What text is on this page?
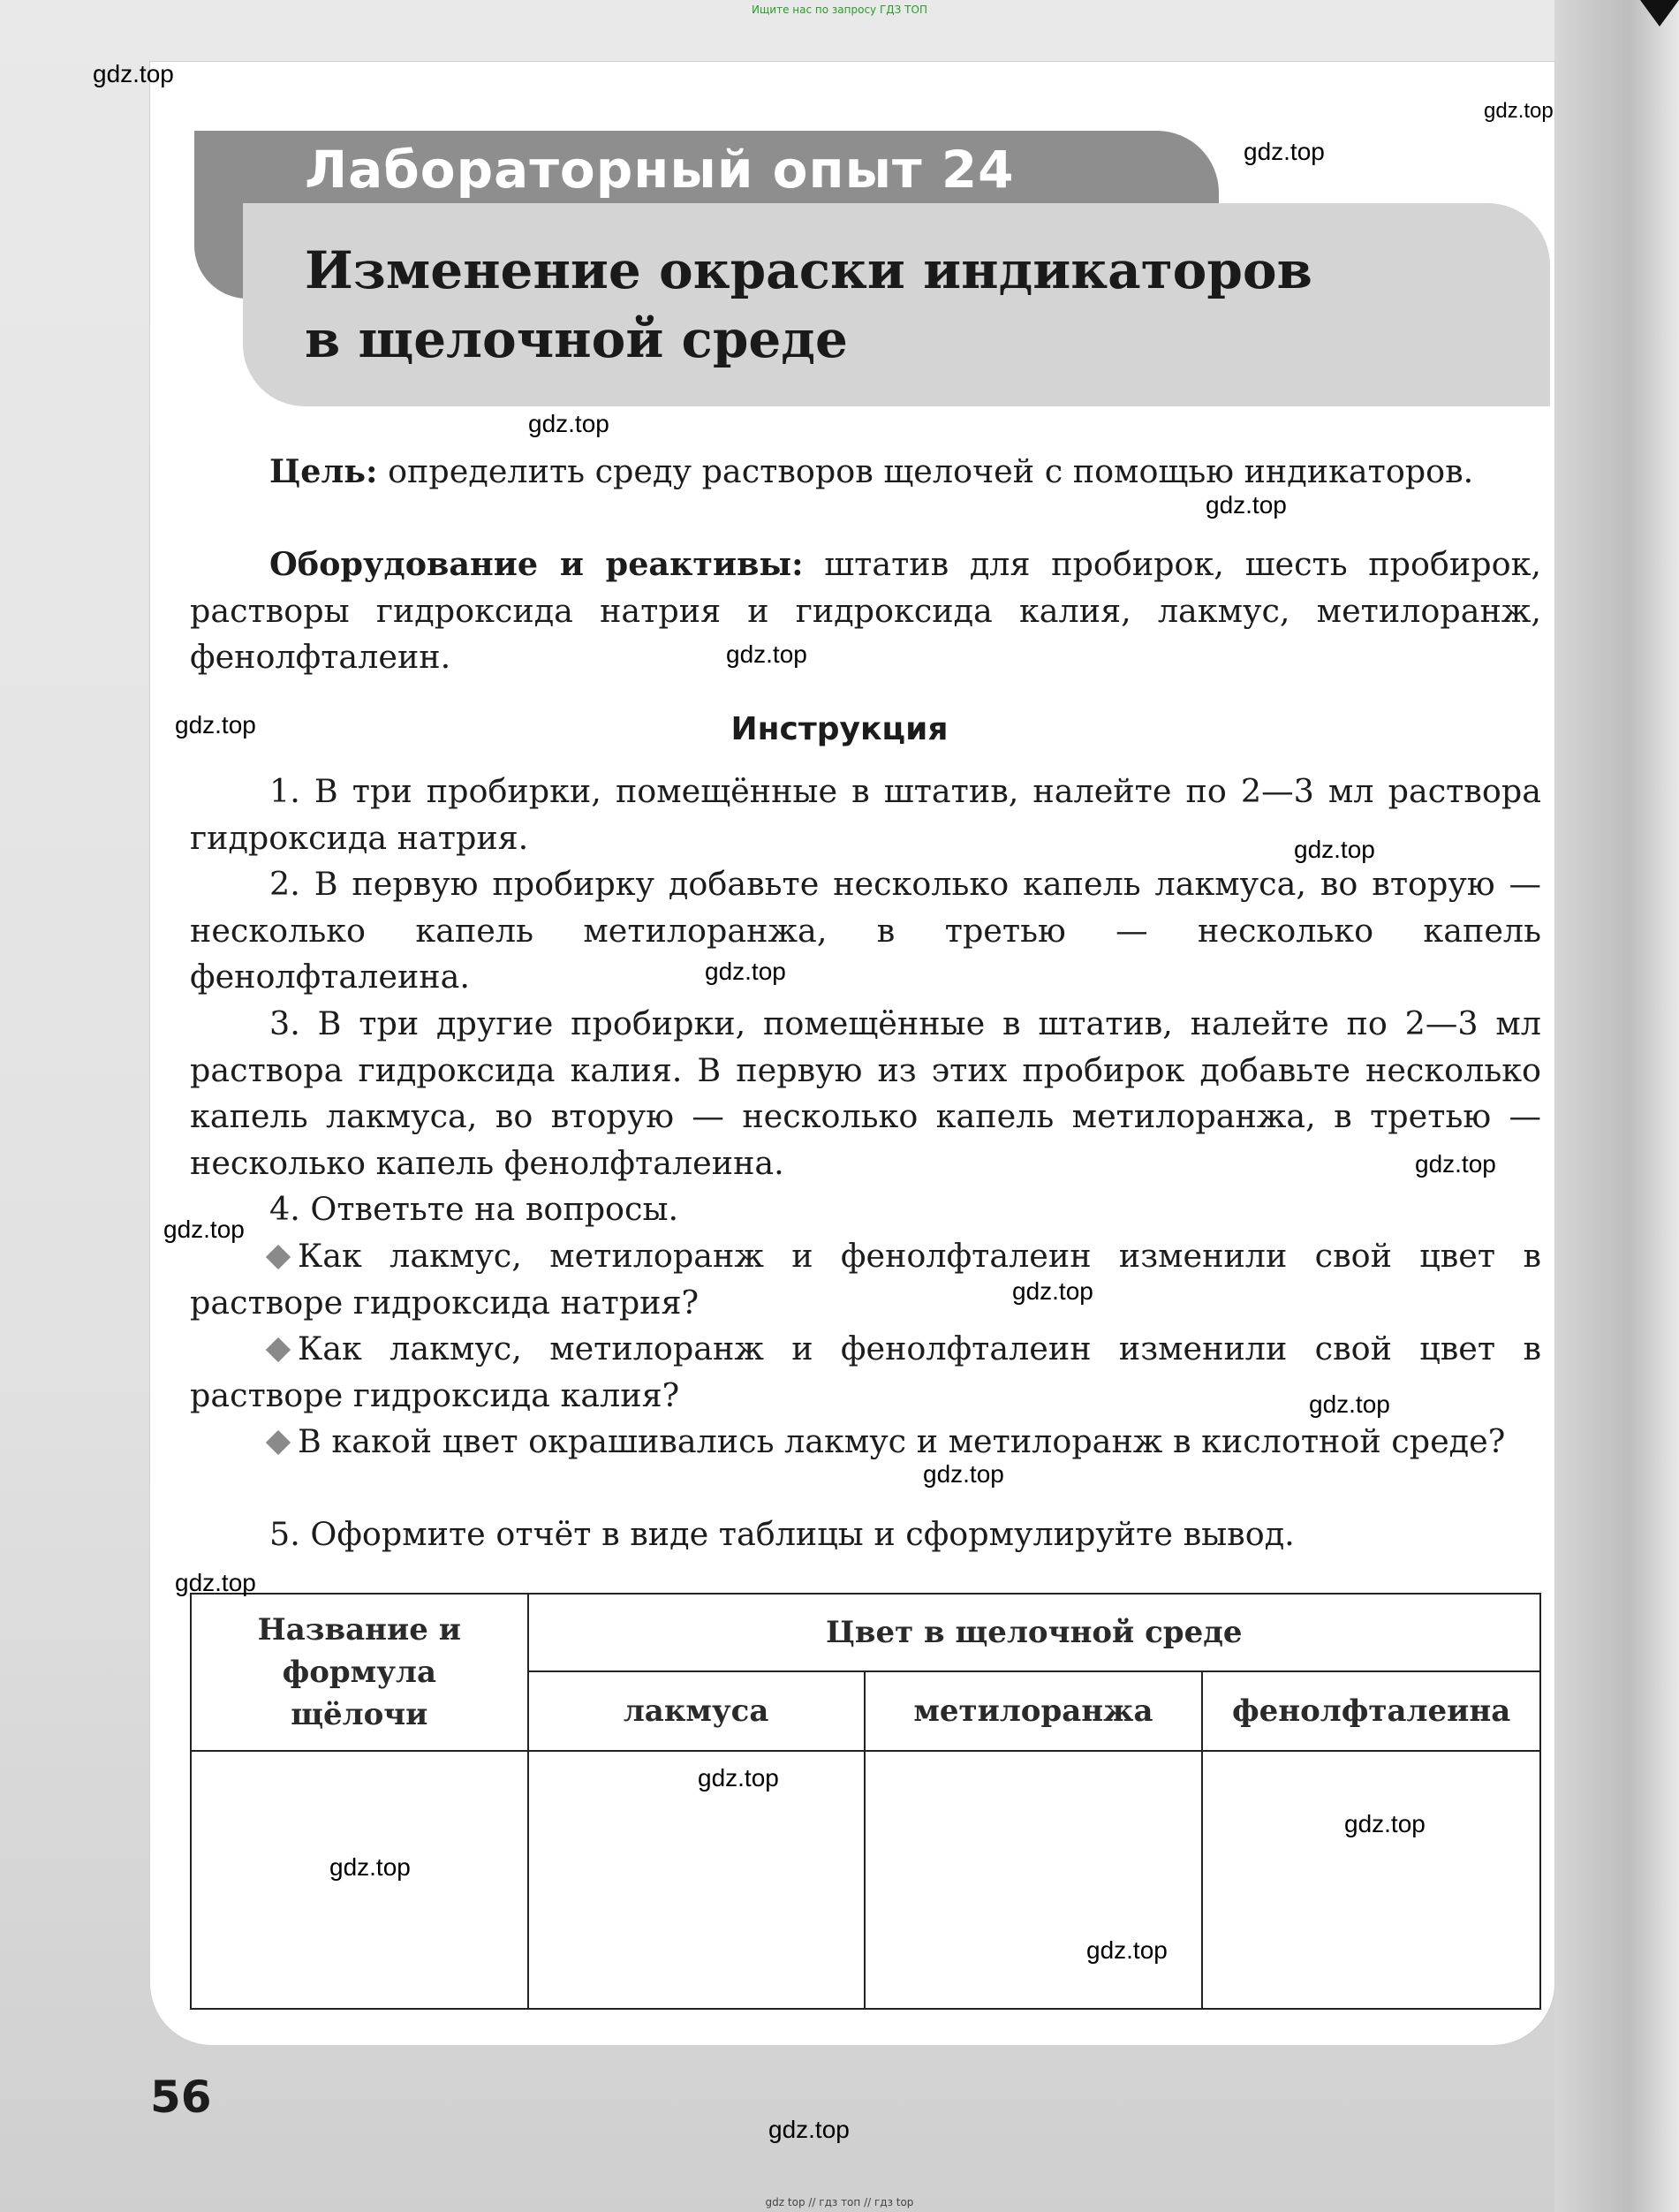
Ищите нас по запросу ГДЗ ТОП
Лабораторный опыт 24
Изменение окраски индикаторов
в щелочной среде
Цель: определить среду растворов щелочей с помощью индикаторов.
Оборудование и реактивы: штатив для пробирок, шесть пробирок, растворы гидроксида натрия и гидроксида калия, лакмус, метилоранж, фенолфталеин.
Инструкция
1. В три пробирки, помещённые в штатив, налейте по 2—3 мл раствора гидроксида натрия.
2. В первую пробирку добавьте несколько капель лакмуса, во вторую — несколько капель метилоранжа, в третью — несколько капель фенолфталеина.
3. В три другие пробирки, помещённые в штатив, налейте по 2—3 мл раствора гидроксида калия. В первую из этих пробирок добавьте несколько капель лакмуса, во вторую — несколько капель метилоранжа, в третью — несколько капель фенолфталеина.
4. Ответьте на вопросы.
Как лакмус, метилоранж и фенолфталеин изменили свой цвет в растворе гидроксида натрия?
Как лакмус, метилоранж и фенолфталеин изменили свой цвет в растворе гидроксида калия?
В какой цвет окрашивались лакмус и метилоранж в кислотной среде?
5. Оформите отчёт в виде таблицы и сформулируйте вывод.
Название и формула щёлочи	Цвет в щелочной среде		
	лакмуса	метилоранжа	фенолфталеина

56
gdz.top
gdz.top
gdz.top
gdz.top
gdz.top
gdz.top
gdz.top
gdz.top
gdz.top
gdz.top
gdz.top
gdz.top
gdz.top
gdz.top
gdz.top
gdz.top
gdz.top
gdz.top
gdz.top
gdz.top
gdz top // гдз топ // гдз top
